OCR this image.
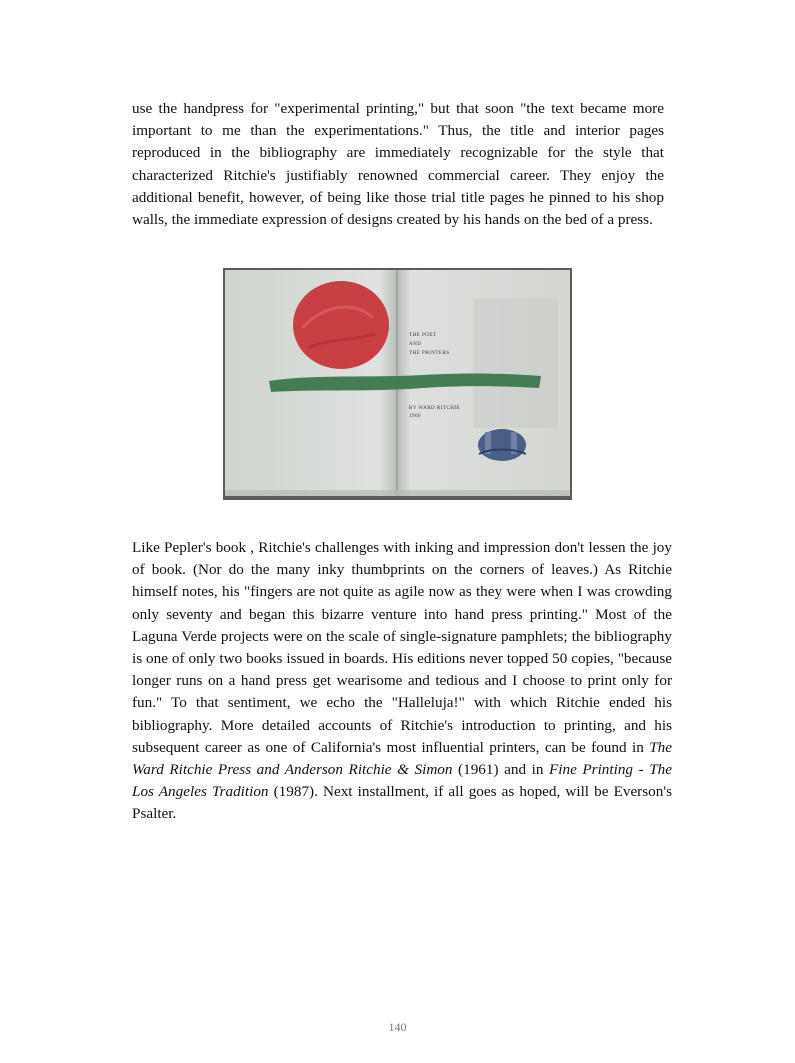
use the handpress for "experimental printing," but that soon "the text became more important to me than the experimentations." Thus, the title and interior pages reproduced in the bibliography are immediately recognizable for the style that characterized Ritchie's justifiably renowned commercial career. They enjoy the additional benefit, however, of being like those trial title pages he pinned to his shop walls, the immediate expression of designs created by his hands on the bed of a press.

THE POET
AND
THE PRINTERS
BY WARD RITCHIE
1966

Like Pepler's book , Ritchie's challenges with inking and impression don't lessen the joy of book. (Nor do the many inky thumbprints on the corners of leaves.) As Ritchie himself notes, his "fingers are not quite as agile now as they were when I was crowding only seventy and began this bizarre venture into hand press printing." Most of the Laguna Verde projects were on the scale of single-signature pamphlets; the bibliography is one of only two books issued in boards. His editions never topped 50 copies, "because longer runs on a hand press get wearisome and tedious and I choose to print only for fun." To that sentiment, we echo the "Halleluja!" with which Ritchie ended his bibliography. More detailed accounts of Ritchie's introduction to printing, and his subsequent career as one of California's most influential printers, can be found in The Ward Ritchie Press and Anderson Ritchie & Simon (1961) and in Fine Printing - The Los Angeles Tradition (1987). Next installment, if all goes as hoped, will be Everson's Psalter.

140
